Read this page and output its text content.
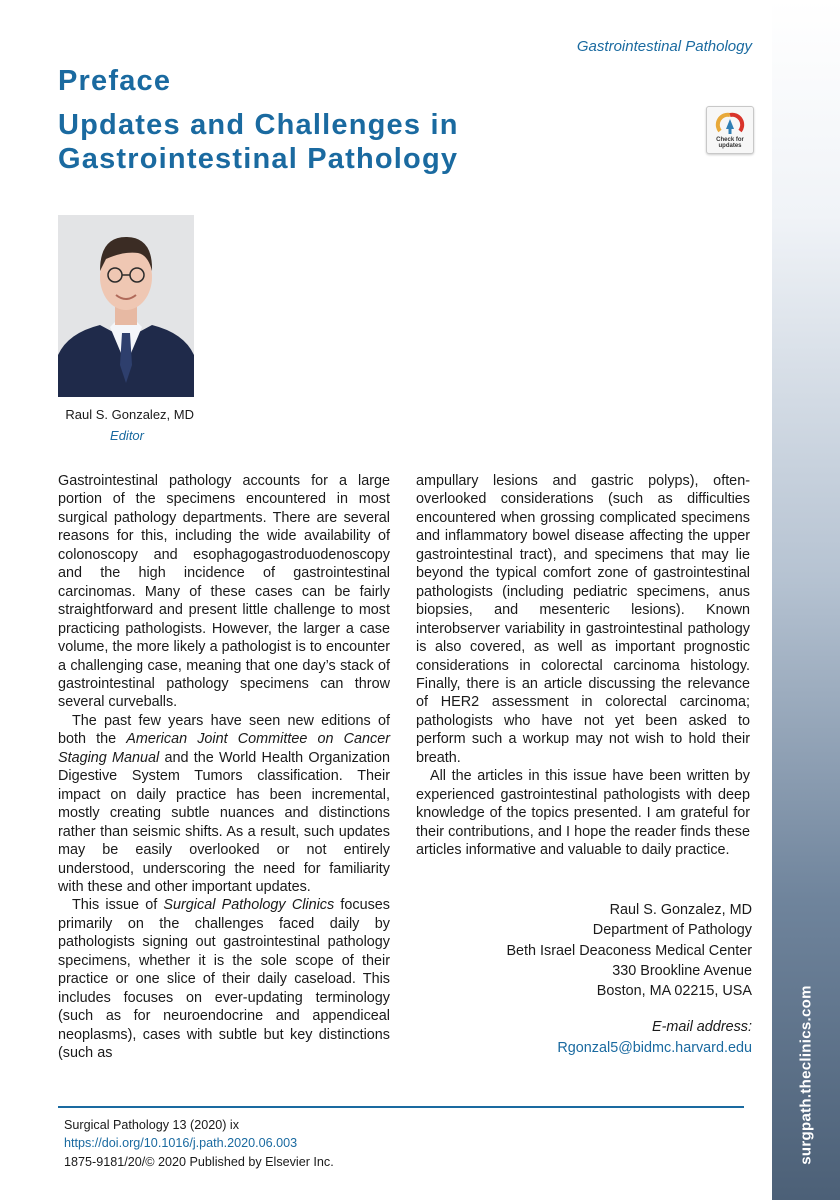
surgpath.theclinics.com
Gastrointestinal Pathology
Preface
Updates and Challenges in
Gastrointestinal Pathology
Check for
updates
Raul S. Gonzalez, MD
Editor

Gastrointestinal pathology accounts for a large portion of the specimens encountered in most surgical pathology departments. There are several reasons for this, including the wide availability of colonoscopy and esophagogastroduodenoscopy and the high incidence of gastrointestinal carcinomas. Many of these cases can be fairly straightforward and present little challenge to most practicing pathologists. However, the larger a case volume, the more likely a pathologist is to encounter a challenging case, meaning that one day’s stack of gastrointestinal pathology specimens can throw several curveballs.

The past few years have seen new editions of both the American Joint Committee on Cancer Staging Manual and the World Health Organization Digestive System Tumors classification. Their impact on daily practice has been incremental, mostly creating subtle nuances and distinctions rather than seismic shifts. As a result, such updates may be easily overlooked or not entirely understood, underscoring the need for familiarity with these and other important updates.

This issue of Surgical Pathology Clinics focuses primarily on the challenges faced daily by pathologists signing out gastrointestinal pathology specimens, whether it is the sole scope of their practice or one slice of their daily caseload. This includes focuses on ever-updating terminology (such as for neuroendocrine and appendiceal neoplasms), cases with subtle but key distinctions (such as

ampullary lesions and gastric polyps), often-overlooked considerations (such as difficulties encountered when grossing complicated specimens and inflammatory bowel disease affecting the upper gastrointestinal tract), and specimens that may lie beyond the typical comfort zone of gastrointestinal pathologists (including pediatric specimens, anus biopsies, and mesenteric lesions). Known interobserver variability in gastrointestinal pathology is also covered, as well as important prognostic considerations in colorectal carcinoma histology. Finally, there is an article discussing the relevance of HER2 assessment in colorectal carcinoma; pathologists who have not yet been asked to perform such a workup may not wish to hold their breath.

All the articles in this issue have been written by experienced gastrointestinal pathologists with deep knowledge of the topics presented. I am grateful for their contributions, and I hope the reader finds these articles informative and valuable to daily practice.

Raul S. Gonzalez, MD
Department of Pathology
Beth Israel Deaconess Medical Center
330 Brookline Avenue
Boston, MA 02215, USA
E-mail address:
Rgonzal5@bidmc.harvard.edu
Surgical Pathology 13 (2020) ix
https://doi.org/10.1016/j.path.2020.06.003
1875-9181/20/© 2020 Published by Elsevier Inc.
